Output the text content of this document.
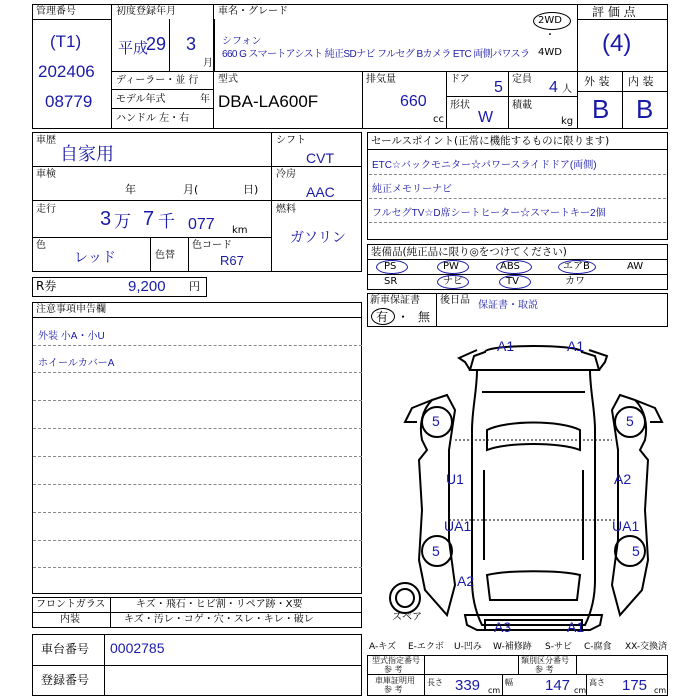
管理番号
(T1)
202406
08779
初度登録年月
平成
29 3
月
車名・グレード
シフォン
660 G スマートアシスト 純正SDナビ フルセグ Bカメラ ETC 両側パワスラ
2WD
・
4WD
評 価 点
(4)
ディーラー・並 行
モデル年式	年
ハンドル 左・右
型式
DBA-LA600F
排気量
660
cc
ドア 5 定員 4 人
形状
W
積載
kg
外 装 内 装
B B
車歴
自家用
車検
年	月(	日)
走行 3 万 7 千 077 km
色
レッド	色替
色コード
R67
シフト
CVT
冷房
AAC
燃料
ガソリン
R券	9,200 円
注意事項申告欄
外装 小A・小U
ホイールカバーA
セールスポイント(正常に機能するものに限ります)
ETC☆バックモニター☆パワースライドドア(両側)
純正メモリーナビ
フルセグTV☆D席シートヒーター☆スマートキー2個
装備品(純正品に限り◎をつけてください)
PS	PW	ABS	エアB	AW
SR	ナビ	TV	カワ
新車保証書
有 ・ 無
後日品 保証書・取説
A1	A1
5	5
U1	A2
UA1	UA1
5	5
A2
A3	A1
スペア
フロントガラス	キズ・飛石・ヒビ割・リペア跡・X要
内装	キズ・汚レ・コゲ・穴・スレ・キレ・破レ
車台番号 0002785
登録番号
A-キズ E-エクボ U-凹み W-補修跡 S-サビ C-腐食 XX-交換済
型式指定番号
参 考
類別区分番号
参 考
車庫証明用
参 考
長さ 339 cm
幅 147 cm
高さ 175 cm
